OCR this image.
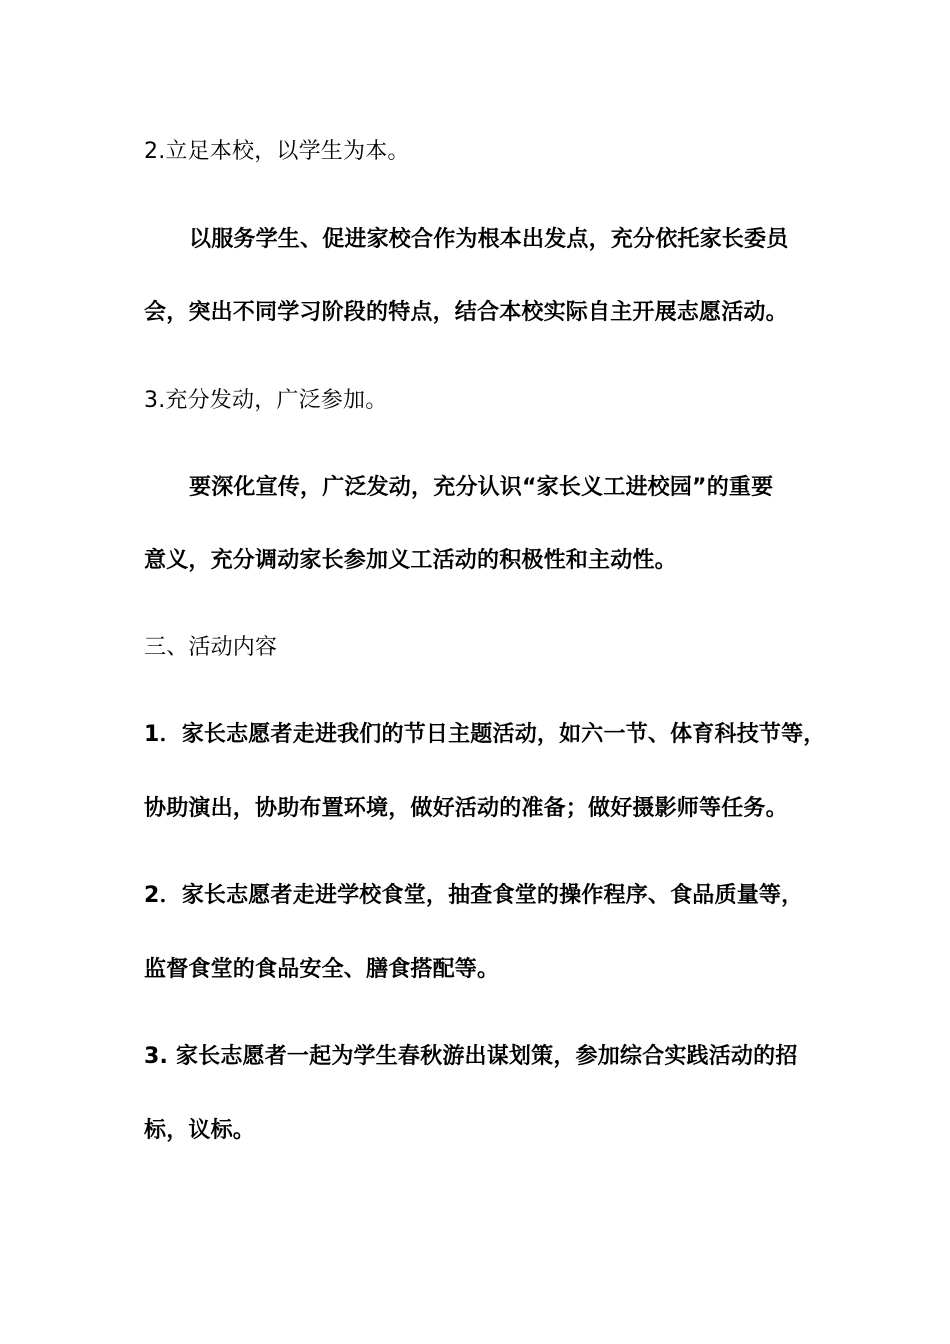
2.立足本校，以学生为本。
以服务学生、促进家校合作为根本出发点，充分依托家长委员
会，突出不同学习阶段的特点，结合本校实际自主开展志愿活动。
3.充分发动，广泛参加。
要深化宣传，广泛发动，充分认识“家长义工进校园”的重要
意义，充分调动家长参加义工活动的积极性和主动性。
三、活动内容
1．家长志愿者走进我们的节日主题活动，如六一节、体育科技节等，
协助演出，协助布置环境，做好活动的准备；做好摄影师等任务。
2．家长志愿者走进学校食堂，抽查食堂的操作程序、食品质量等，
监督食堂的食品安全、膳食搭配等。
3. 家长志愿者一起为学生春秋游出谋划策，参加综合实践活动的招
标，议标。
